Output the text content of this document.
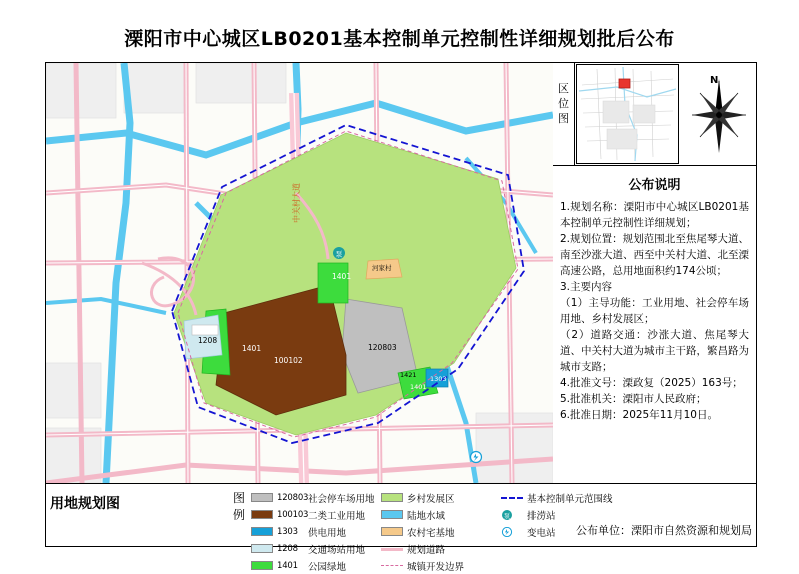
溧阳市中心城区LB0201基本控制单元控制性详细规划批后公布
泵
100102
120803
1401
1401
1208
1421 1303
1401
河家村
中关村大道
区位图
N
公布说明

1.规划名称：溧阳市中心城区LB0201基本控制单元控制性详细规划；

2.规划位置：规划范围北至焦尾琴大道、南至沙涨大道、西至中关村大道、北至溧高速公路，总用地面积约174公顷；

3.主要内容

（1）主导功能：工业用地、社会停车场用地、乡村发展区；

（2）道路交通：沙涨大道、焦尾琴大道、中关村大道为城市主干路，繁昌路为城市支路；

4.批准文号：溧政复（2025）163号；

5.批准机关：溧阳市人民政府；

6.批准日期：2025年11月10日。

用地规划图	图
例
120803 社会停车场用地
100103 二类工业用地
1303	供电用地
1208	交通场站用地
1401	公园绿地
乡村发展区
陆地水域
农村宅基地
规划道路
城镇开发边界
基本控制单元范围线
泵 排涝站
变电站 公布单位：溧阳市自然资源和规划局
